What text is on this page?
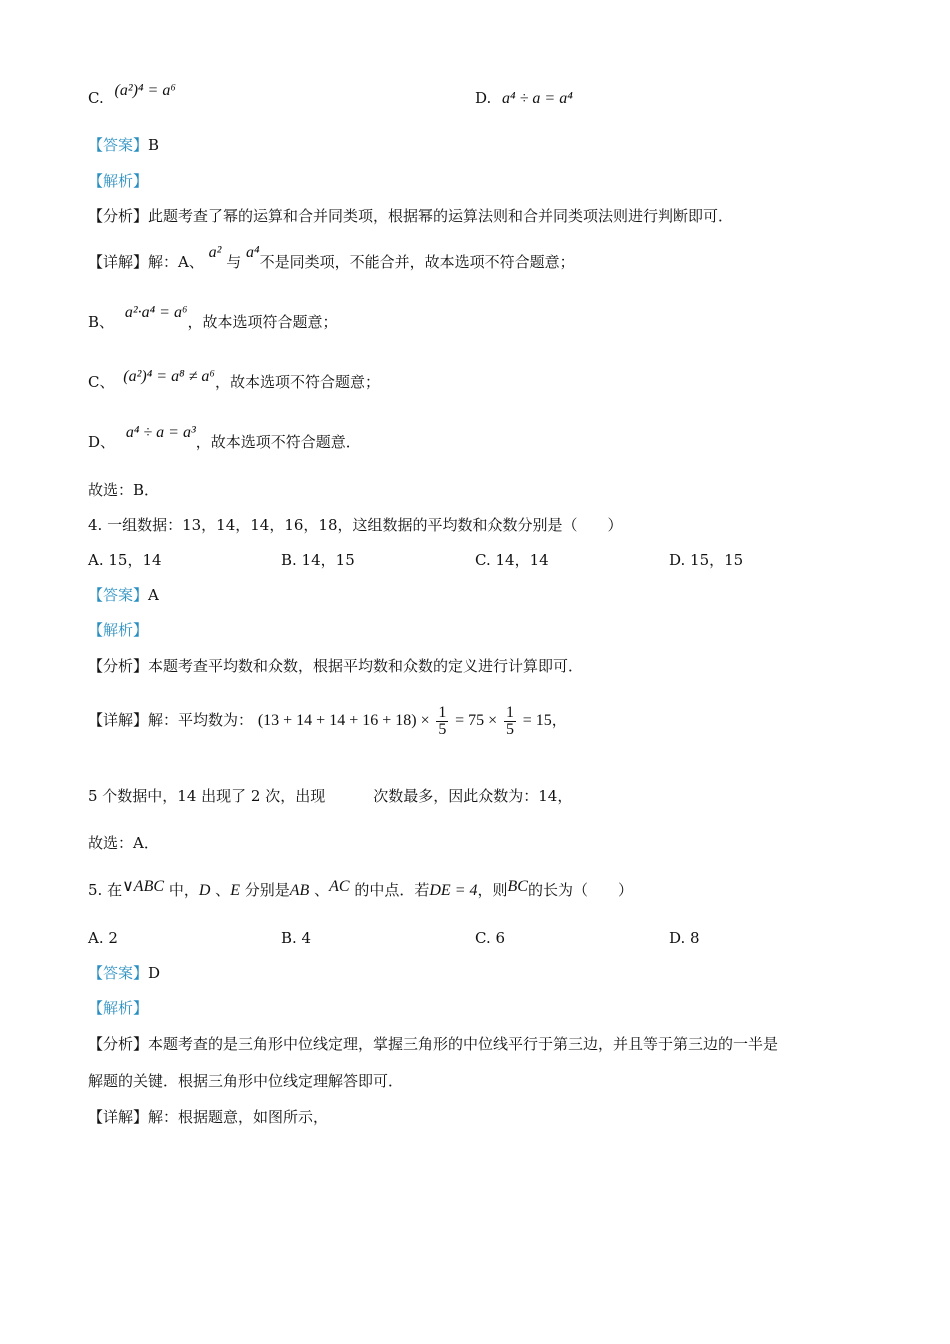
C. (a²)⁴ = a⁶	D. a⁴ ÷ a = a⁴
【答案】B
【解析】
【分析】此题考查了幂的运算和合并同类项，根据幂的运算法则和合并同类项法则进行判断即可．
【详解】解：A、 a² 与 a⁴不是同类项，不能合并，故本选项不符合题意；
B、 a²·a⁴ = a⁶，故本选项符合题意；
C、 (a²)⁴ = a⁸ ≠ a⁶，故本选项不符合题意；
D、 a⁴ ÷ a = a³，故本选项不符合题意．
故选：B．
4. 一组数据：13，14，14，16，18，这组数据的平均数和众数分别是（　　）
A. 15，14	B. 14，15	C. 14，14	D. 15，15
【答案】A
【解析】
【分析】本题考查平均数和众数，根据平均数和众数的定义进行计算即可．
【详解】解：平均数为： $(13 + 14 + 14 + 16 + 18) \times \frac{1}{5} = 75 \times \frac{1}{5} = 15$，
5 个数据中，14 出现了 2 次，出现	次数最多，因此众数为：14，
故选：A．
5. 在∨ABC 中，D 、E 分别是AB 、AC 的中点．若DE = 4，则BC的长为（　　）
A. 2	B. 4	C. 6	D. 8
【答案】D
【解析】
【分析】本题考查的是三角形中位线定理，掌握三角形的中位线平行于第三边，并且等于第三边的一半是
解题的关键．根据三角形中位线定理解答即可．
【详解】解：根据题意，如图所示，
